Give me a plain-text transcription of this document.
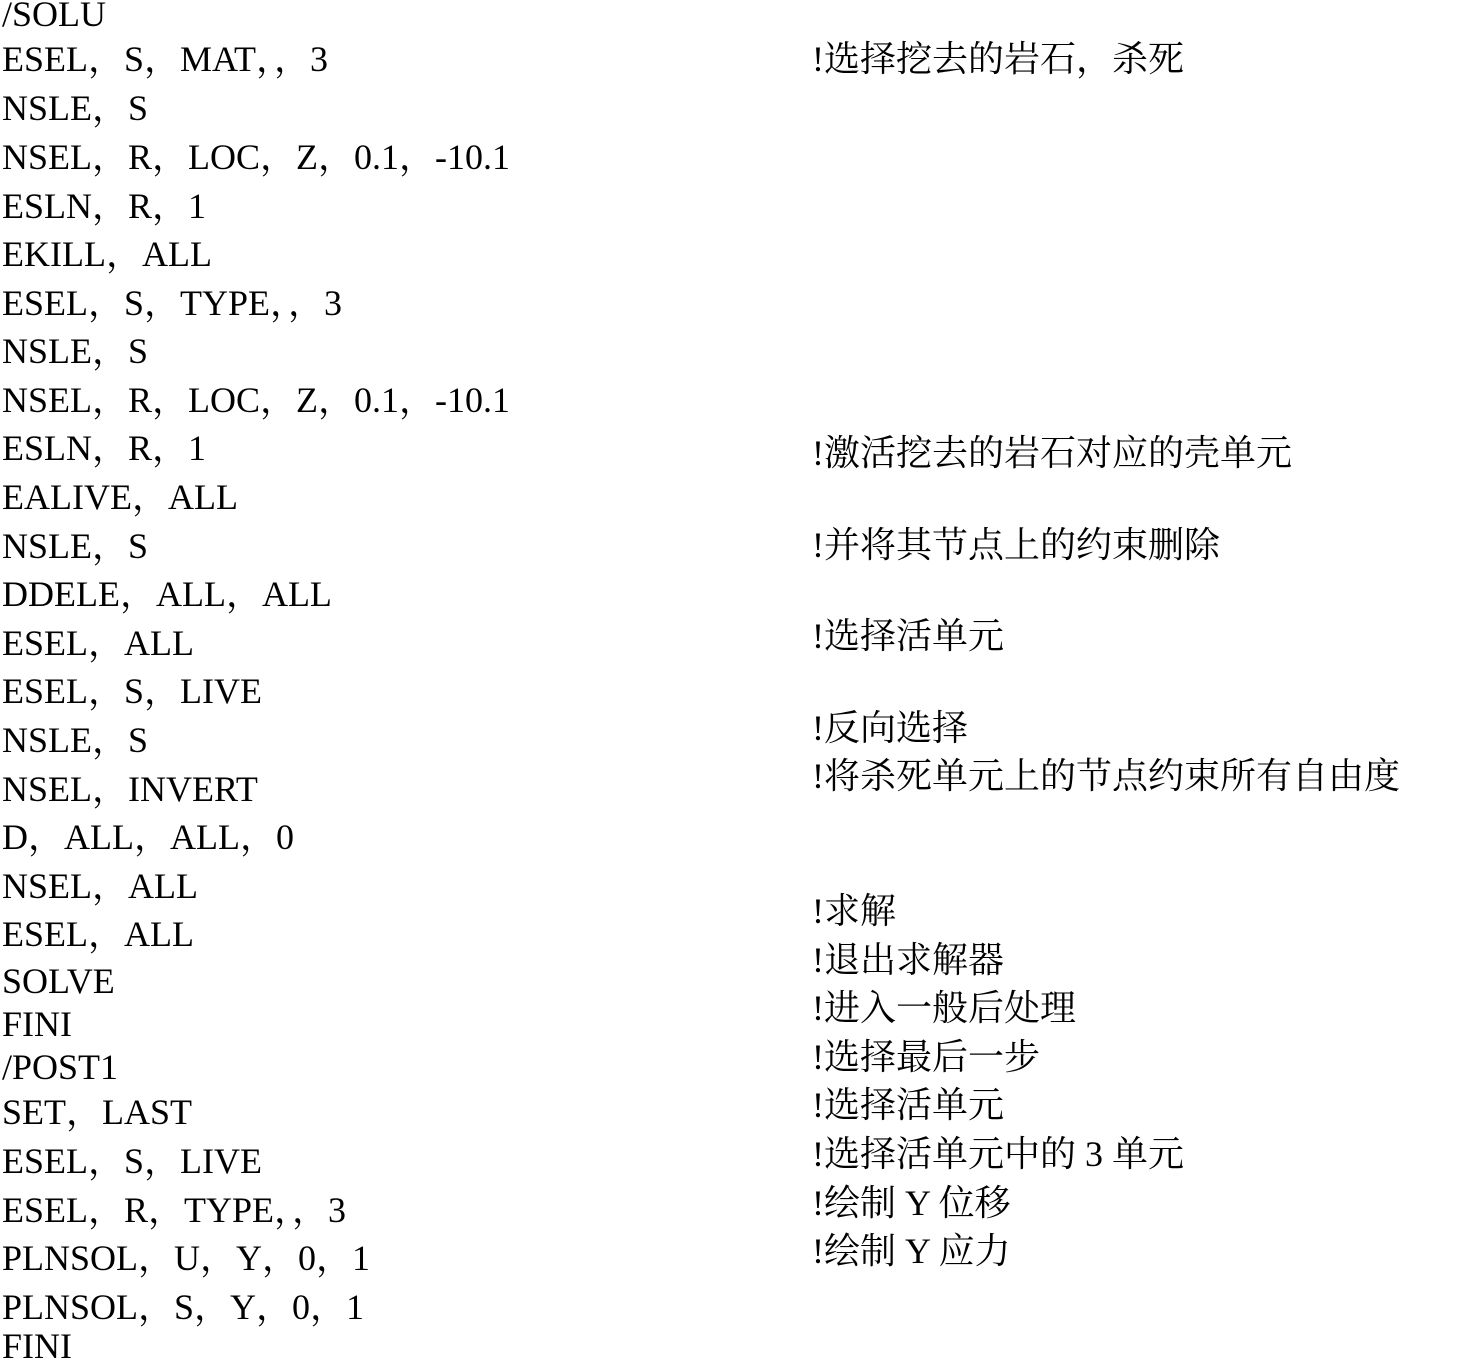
/SOLU
ESEL，S，MAT，，3
NSLE，S
NSEL，R，LOC，Z，0.1，-10.1
ESLN，R，1
EKILL，ALL
ESEL，S，TYPE，，3
NSLE，S
NSEL，R，LOC，Z，0.1，-10.1
ESLN，R，1
EALIVE，ALL
NSLE，S
DDELE，ALL，ALL
ESEL，ALL
ESEL，S，LIVE
NSLE，S
NSEL，INVERT
D，ALL，ALL，0
NSEL，ALL
ESEL，ALL
SOLVE
FINI
/POST1
SET，LAST
ESEL，S，LIVE
ESEL，R，TYPE，，3
PLNSOL，U，Y，0，1
PLNSOL，S，Y，0，1
FINI
!选择挖去的岩石，杀死
!激活挖去的岩石对应的壳单元
!并将其节点上的约束删除
!选择活单元
!反向选择
!将杀死单元上的节点约束所有自由度
!求解
!退出求解器
!进入一般后处理
!选择最后一步
!选择活单元
!选择活单元中的 3 单元
!绘制 Y 位移
!绘制 Y 应力
